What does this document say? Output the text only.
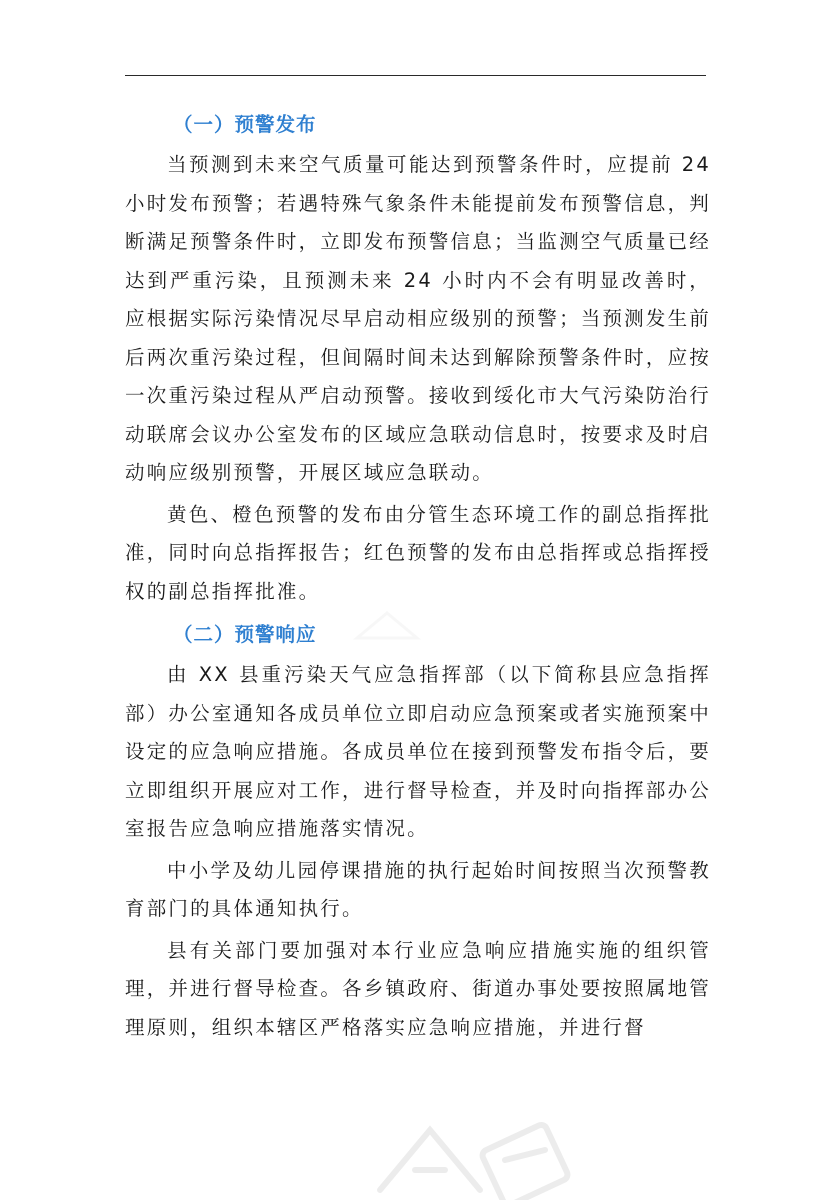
（一）预警发布

当预测到未来空气质量可能达到预警条件时，应提前 24 小时发布预警；若遇特殊气象条件未能提前发布预警信息，判断满足预警条件时，立即发布预警信息；当监测空气质量已经达到严重污染，且预测未来 24 小时内不会有明显改善时，应根据实际污染情况尽早启动相应级别的预警；当预测发生前后两次重污染过程，但间隔时间未达到解除预警条件时，应按一次重污染过程从严启动预警。接收到绥化市大气污染防治行动联席会议办公室发布的区域应急联动信息时，按要求及时启动响应级别预警，开展区域应急联动。

黄色、橙色预警的发布由分管生态环境工作的副总指挥批准，同时向总指挥报告；红色预警的发布由总指挥或总指挥授权的副总指挥批准。

（二）预警响应

由 XX 县重污染天气应急指挥部（以下简称县应急指挥部）办公室通知各成员单位立即启动应急预案或者实施预案中设定的应急响应措施。各成员单位在接到预警发布指令后，要立即组织开展应对工作，进行督导检查，并及时向指挥部办公室报告应急响应措施落实情况。

中小学及幼儿园停课措施的执行起始时间按照当次预警教育部门的具体通知执行。

县有关部门要加强对本行业应急响应措施实施的组织管理，并进行督导检查。各乡镇政府、街道办事处要按照属地管理原则，组织本辖区严格落实应急响应措施，并进行督
